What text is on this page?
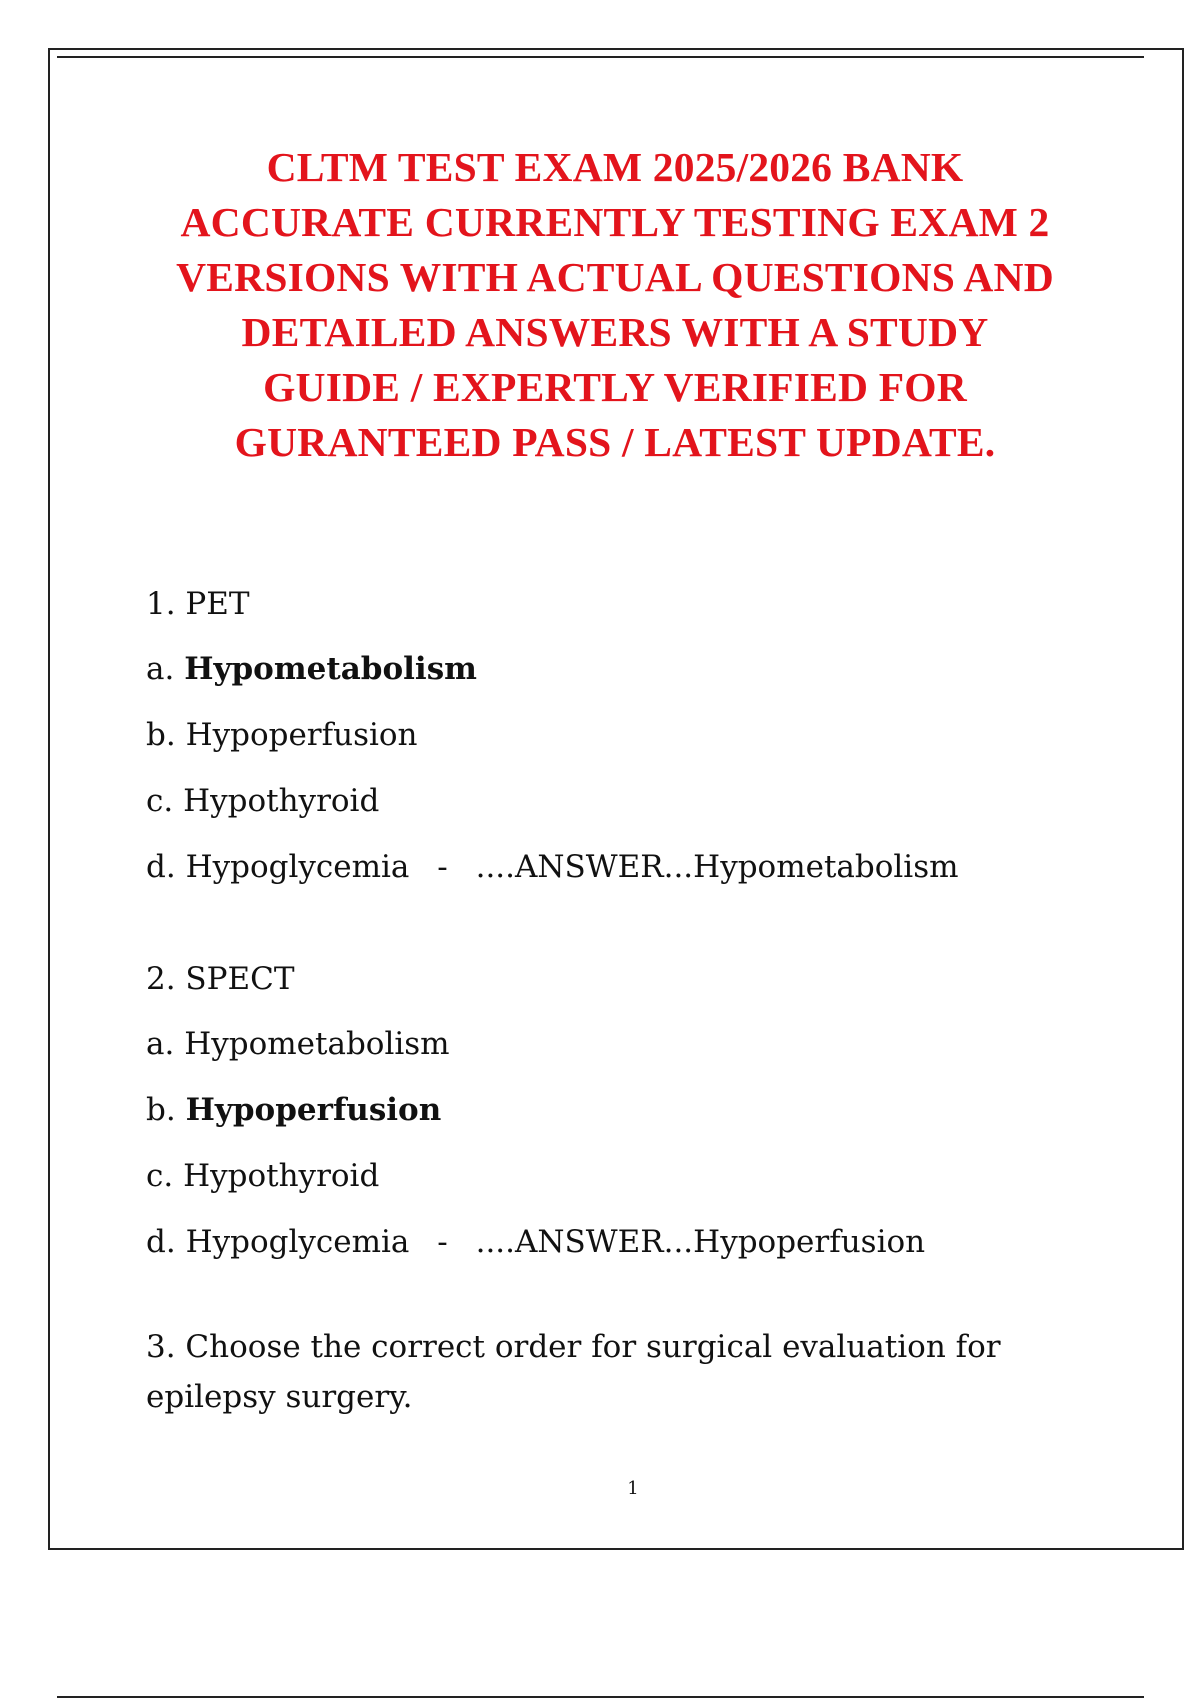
CLTM TEST EXAM 2025/2026 BANK
ACCURATE CURRENTLY TESTING EXAM 2
VERSIONS WITH ACTUAL QUESTIONS AND
DETAILED ANSWERS WITH A STUDY
GUIDE / EXPERTLY VERIFIED FOR
GURANTEED PASS / LATEST UPDATE.
1. PET
a. Hypometabolism
b. Hypoperfusion
c. Hypothyroid
d. Hypoglycemia - ....ANSWER...Hypometabolism
2. SPECT
a. Hypometabolism
b. Hypoperfusion
c. Hypothyroid
d. Hypoglycemia - ....ANSWER...Hypoperfusion
3. Choose the correct order for surgical evaluation for epilepsy surgery.
1
